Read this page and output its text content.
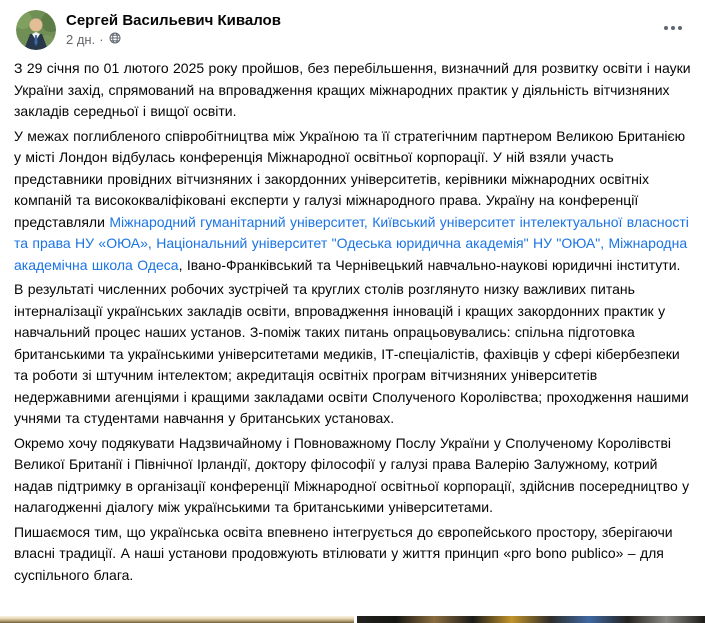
Сергей Васильевич Кивалов
2 дн. ·

З 29 січня по 01 лютого 2025 року пройшов, без перебільшення, визначний для розвитку освіти і науки України захід, спрямований на впровадження кращих міжнародних практик у діяльність вітчизняних закладів середньої і вищої освіти.

У межах поглибленого співробітництва між Україною та її стратегічним партнером Великою Британією у місті Лондон відбулась конференція Міжнародної освітньої корпорації. У ній взяли участь представники провідних вітчизняних і закордонних університетів, керівники міжнародних освітніх компаній та висококваліфіковані експерти у галузі міжнародного права. Україну на конференції представляли Міжнародний гуманітарний університет, Київський університет інтелектуальної власності та права НУ «ОЮА», Національний університет "Одеська юридична академія" НУ "ОЮА", Міжнародна академічна школа Одеса, Івано-Франківський та Чернівецький навчально-наукові юридичні інститути.

В результаті численних робочих зустрічей та круглих столів розглянуто низку важливих питань інтерналізації українських закладів освіти, впровадження інновацій і кращих закордонних практик у навчальний процес наших установ. З-поміж таких питань опрацьовувались: спільна підготовка британськими та українськими університетами медиків, ІТ-спеціалістів, фахівців у сфері кібербезпеки та роботи зі штучним інтелектом; акредитація освітніх програм вітчизняних університетів недержавними агенціями і кращими закладами освіти Сполученого Королівства; проходження нашими учнями та студентами навчання у британських установах.

Окремо хочу подякувати Надзвичайному і Повноважному Послу України у Сполученому Королівстві Великої Британії і Північної Ірландії, доктору філософії у галузі права Валерію Залужному, котрий надав підтримку в організації конференції Міжнародної освітньої корпорації, здійснив посередництво у налагодженні діалогу між українськими та британськими університетами.

Пишаємося тим, що українська освіта впевнено інтегрується до європейського простору, зберігаючи власні традиції. А наші установи продовжують втілювати у життя принцип «pro bono publico» – для суспільного блага.
